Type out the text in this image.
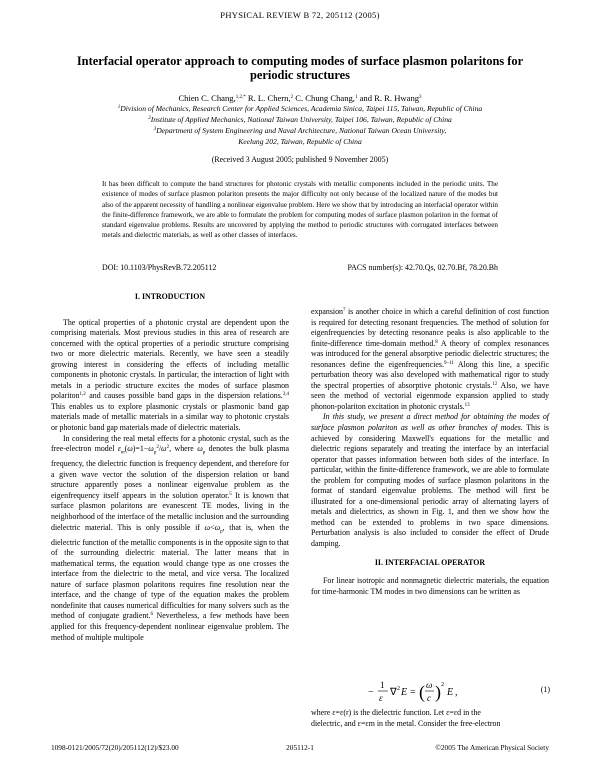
PHYSICAL REVIEW B 72, 205112 (2005)
Interfacial operator approach to computing modes of surface plasmon polaritons for periodic structures
Chien C. Chang,$^{1,2,*}$ R. L. Chern,$^2$ C. Chung Chang,$^1$ and R. R. Hwang$^3$
$^1$Division of Mechanics, Research Center for Applied Sciences, Academia Sinica, Taipei 115, Taiwan, Republic of China
$^2$Institute of Applied Mechanics, National Taiwan University, Taipei 106, Taiwan, Republic of China
$^3$Department of System Engineering and Naval Architecture, National Taiwan Ocean University,
Keelung 202, Taiwan, Republic of China
(Received 3 August 2005; published 9 November 2005)
It has been difficult to compute the band structures for photonic crystals with metallic components included in the periodic units. The existence of modes of surface plasmon polariton presents the major difficulty not only because of the localized nature of the modes but also of the apparent necessity of handling a nonlinear eigenvalue problem. Here we show that by introducing an interfacial operator within the finite-difference framework, we are able to formulate the problem for computing modes of surface plasmon polariton in the format of standard eigenvalue problems. Results are uncovered by applying the method to periodic structures with corrugated interfaces between metals and dielectric materials, as well as other classes of interfaces.
DOI: 10.1103/PhysRevB.72.205112	PACS number(s): 42.70.Qs, 02.70.Bf, 78.20.Bh
I. INTRODUCTION

The optical properties of a photonic crystal are dependent upon the comprising materials. Most previous studies in this area of research are concerned with the optical properties of a periodic structure comprising two or more dielectric materials. Recently, we have seen a steadily growing interest in considering the effects of including metallic components in photonic crystals. In particular, the interaction of light with metals in a periodic structure excites the modes of surface plasmon polariton$^{1,2}$ and causes possible band gaps in the dispersion relations.$^{3,4}$ This enables us to explore plasmonic crystals or plasmonic band gap materials made of metallic materials in a similar way to photonic crystals or photonic band gap materials made of dielectric materials.

In considering the real metal effects for a photonic crystal, such as the free-electron model $\varepsilon_m(\omega)=1-\omega_p^2/\omega^2$, where $\omega_p$ denotes the bulk plasma frequency, the dielectric function is frequency dependent, and therefore for a given wave vector the solution of the dispersion relation or band structure apparently poses a nonlinear eigenvalue problem as the eigenfrequency itself appears in the solution operator.$^5$ It is known that surface plasmon polaritons are evanescent TE modes, living in the neighborhood of the interface of the metallic inclusion and the surrounding dielectric material. This is only possible if $\omega<\omega_p$, that is, when the dielectric function of the metallic components is in the opposite sign to that of the surrounding dielectric material. The latter means that in mathematical terms, the equation would change type as one crosses the interface from the dielectric to the metal, and vice versa. The localized nature of surface plasmon polaritons requires fine resolution near the interface, and the change of type of the equation makes the problem nondefinite that causes numerical difficulties for many solvers such as the method of conjugate gradient.$^6$ Nevertheless, a few methods have been applied for this frequency-dependent nonlinear eigenvalue problem. The method of multiple multipole

expansion$^7$ is another choice in which a careful definition of cost function is required for detecting resonant frequencies. The method of solution for eigenfrequencies by detecting resonance peaks is also applicable to the finite-difference time-domain method.$^8$ A theory of complex resonances was introduced for the general absorptive periodic dielectric structures; the resonances define the eigenfrequencies.$^{9-11}$ Along this line, a specific perturbation theory was also developed with mathematical rigor to study the spectral properties of absorptive photonic crystals.$^{12}$ Also, we have seen the method of vectorial eigenmode expansion applied to study phonon-polariton excitation in photonic crystals.$^{13}$

In this study, we present a direct method for obtaining the modes of surface plasmon polariton as well as other branches of modes. This is achieved by considering Maxwell's equations for the metallic and dielectric regions separately and treating the interface by an interfacial operator that passes information between both sides of the interface. In particular, within the finite-difference framework, we are able to formulate the problem for computing modes of surface plasmon polaritons in the format of standard eigenvalue problems. The method will first be illustrated for a one-dimensional periodic array of alternating layers of metals and dielectrics, as shown in Fig. 1, and then we show how the method can be extended to problems in two space dimensions. Perturbation analysis is also included to consider the effect of Drude damping.

II. INTERFACIAL OPERATOR

For linear isotropic and nonmagnetic dielectric materials, the equation for time-harmonic TM modes in two dimensions can be written as

−
1
ε ∇ 2 E = ( ω
c ) 2
E ,	(1)
where ε=ε(r) is the dielectric function. Let ε=εd in the
dielectric, and ε=εm in the metal. Consider the free-electron
1098-0121/2005/72(20)/205112(12)/$23.00	205112-1	©2005 The American Physical Society
